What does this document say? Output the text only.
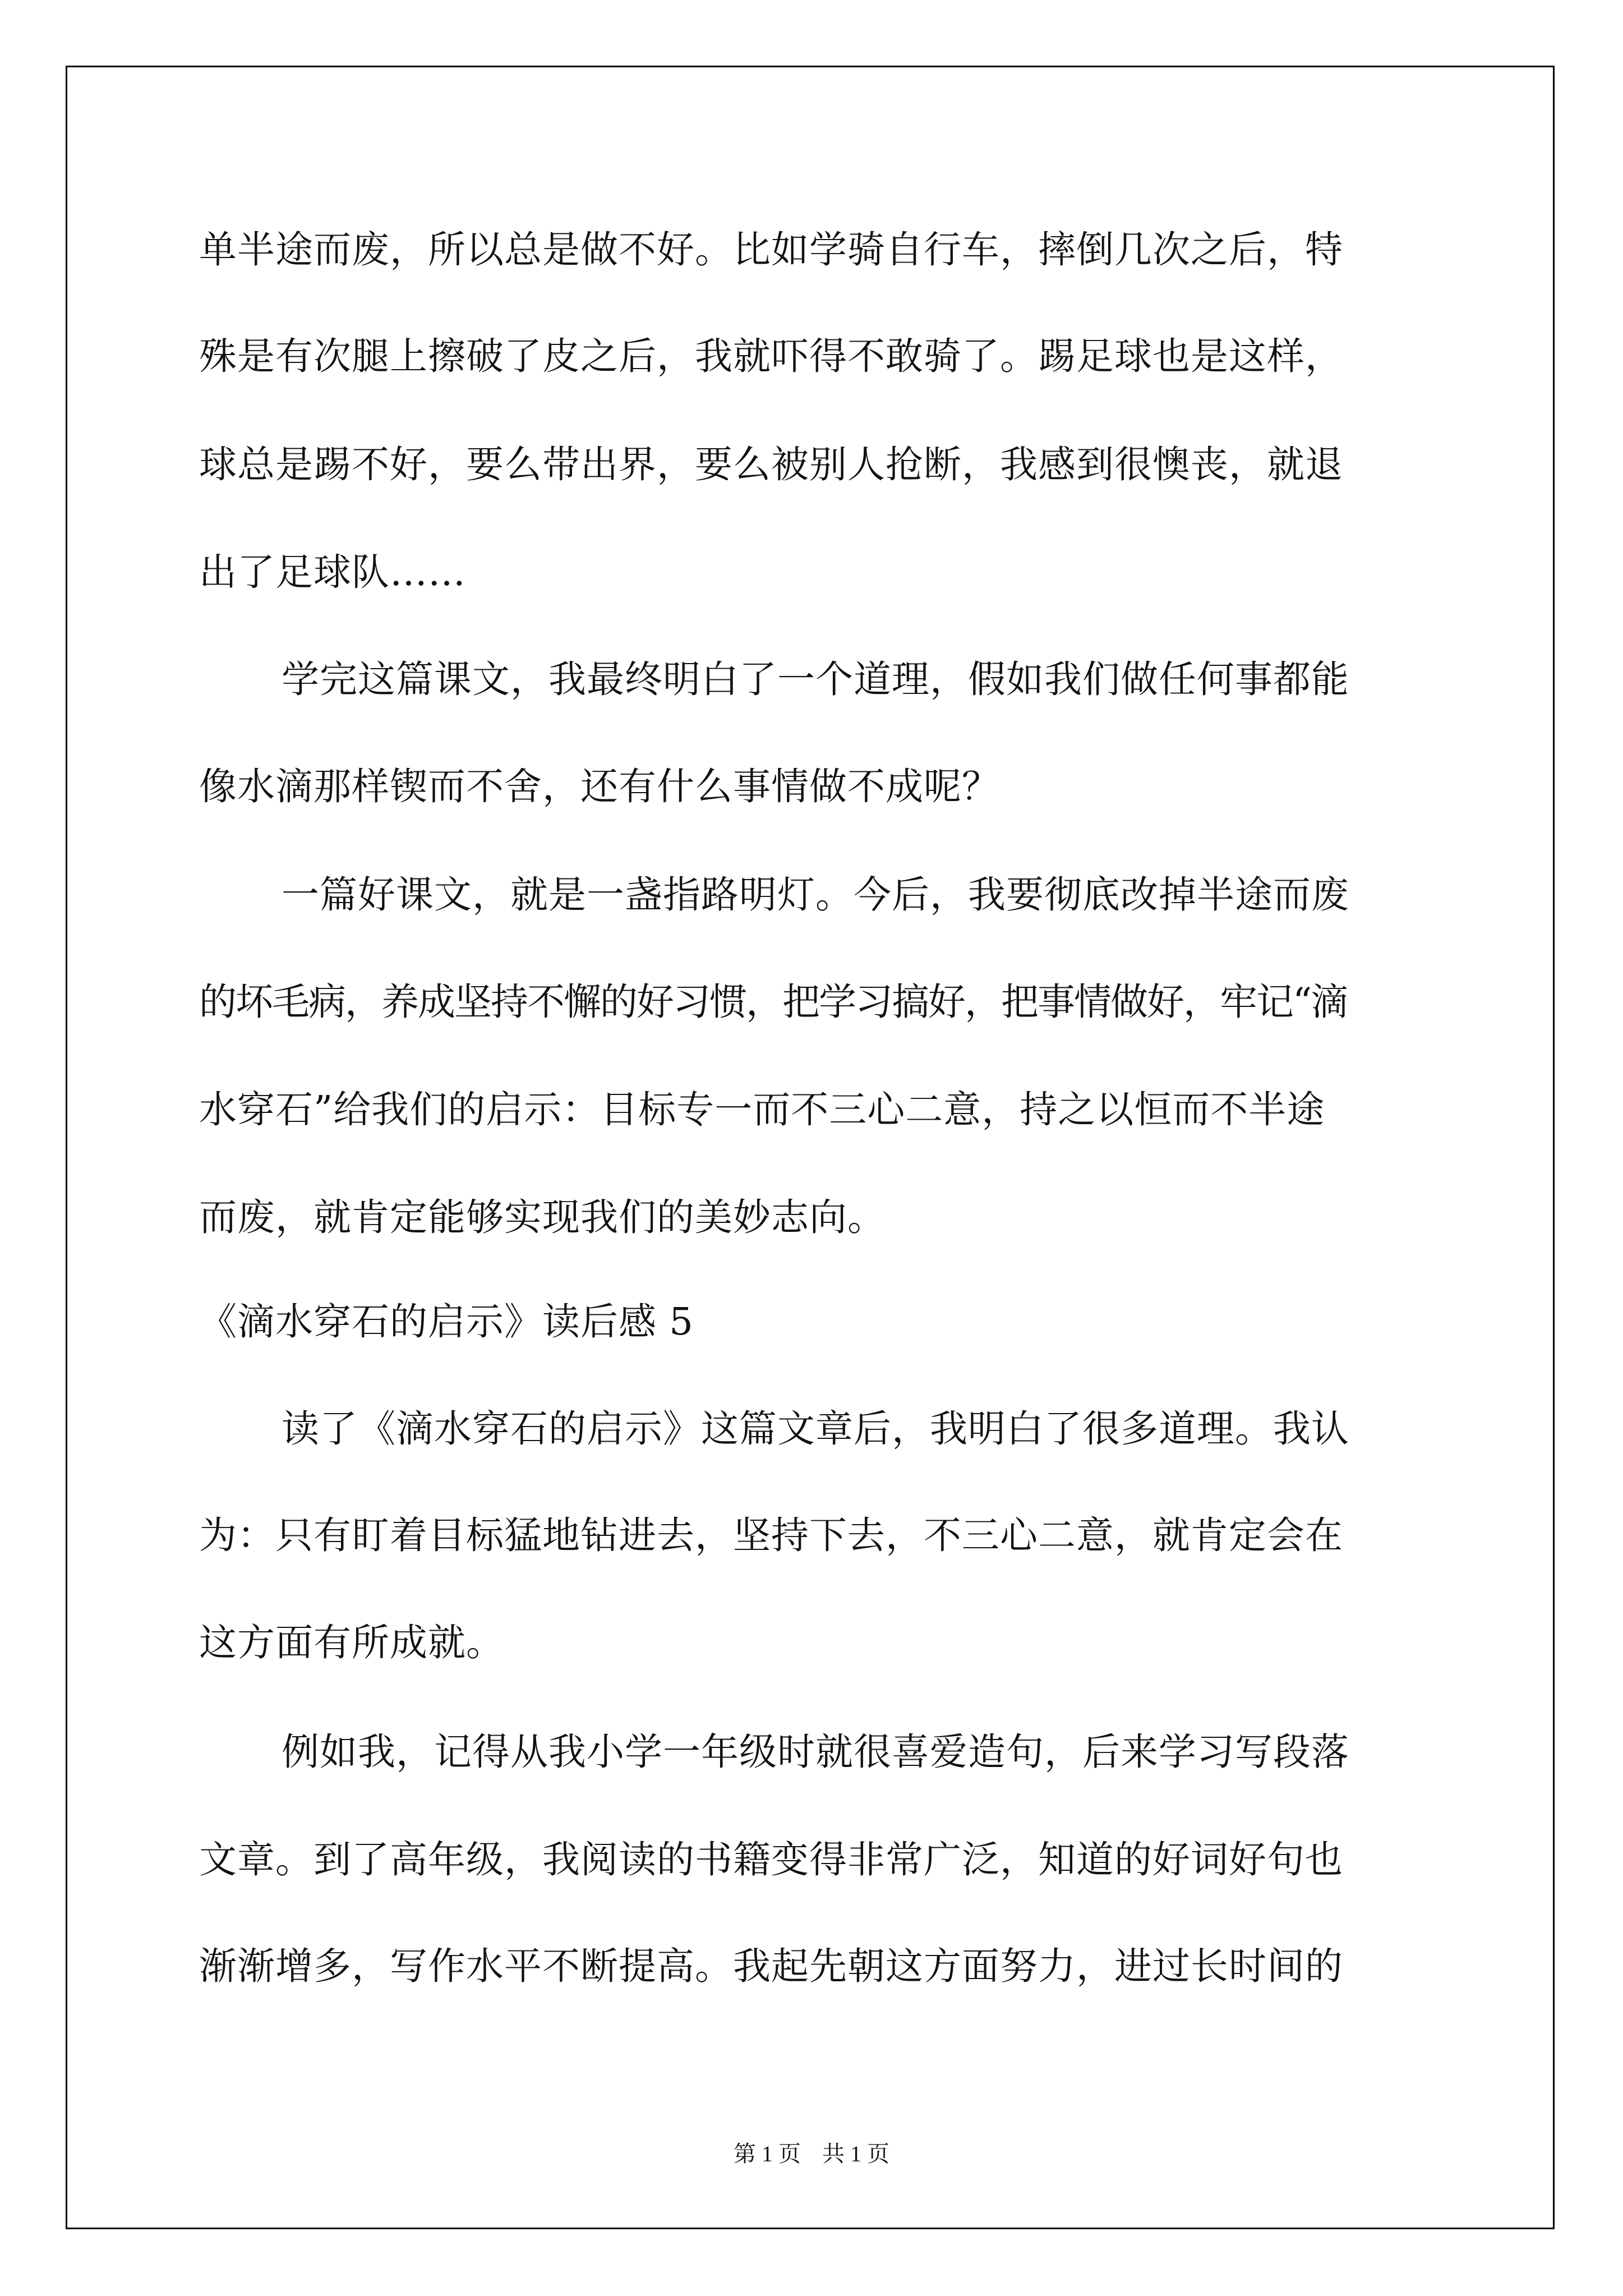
单半途而废，所以总是做不好。比如学骑自行车，摔倒几次之后，特
殊是有次腿上擦破了皮之后，我就吓得不敢骑了。踢足球也是这样，
球总是踢不好，要么带出界，要么被别人抢断，我感到很懊丧，就退
出了足球队……
学完这篇课文，我最终明白了一个道理，假如我们做任何事都能
像水滴那样锲而不舍，还有什么事情做不成呢？
一篇好课文，就是一盏指路明灯。今后，我要彻底改掉半途而废
的坏毛病，养成坚持不懈的好习惯，把学习搞好，把事情做好，牢记“滴
水穿石”给我们的启示：目标专一而不三心二意，持之以恒而不半途
而废，就肯定能够实现我们的美妙志向。
《滴水穿石的启示》读后感 5
读了《滴水穿石的启示》这篇文章后，我明白了很多道理。我认
为：只有盯着目标猛地钻进去，坚持下去，不三心二意，就肯定会在
这方面有所成就。
例如我，记得从我小学一年级时就很喜爱造句，后来学习写段落
文章。到了高年级，我阅读的书籍变得非常广泛，知道的好词好句也
渐渐增多，写作水平不断提高。我起先朝这方面努力，进过长时间的
第 1 页 共 1 页
